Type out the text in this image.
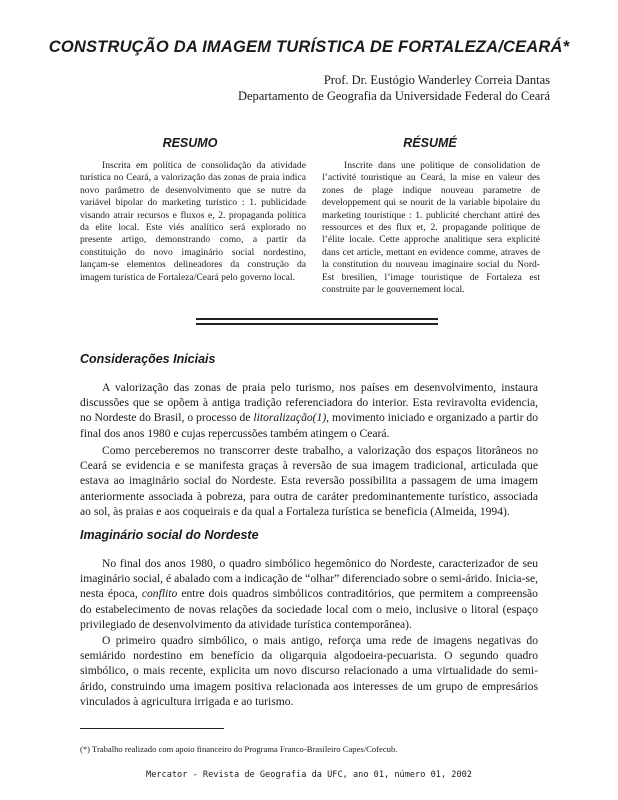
CONSTRUÇÃO DA IMAGEM TURÍSTICA DE FORTALEZA/CEARÁ*
Prof. Dr. Eustógio Wanderley Correia Dantas
Departamento de Geografia da Universidade Federal do Ceará
RESUMO	RÉSUMÉ

Inscrita em política de consolidação da atividade turística no Ceará, a valorização das zonas de praia indica novo parâmetro de desenvolvimento que se nutre da variável bipolar do marketing turístico : 1. publicidade visando atrair recursos e fluxos e, 2. propaganda política da elite local. Este viés analítico será explorado no presente artigo, demonstrando como, a partir da constituição do novo imaginário social nordestino, lançam-se elementos delineadores da construção da imagem turística de Fortaleza/Ceará pelo governo local.

Inscrite dans une politique de consolidation de l’activité touristique au Ceará, la mise en valeur des zones de plage indique nouveau parametre de developpement qui se nourit de la variable bipolaire du marketing touristique : 1. publicité cherchant attiré des ressources et des flux et, 2. propagande politique de l’élite locale. Cette approche analitique sera explicité dans cet article, mettant en evidence comme, atraves de la constitution du nouveau imaginaire social du Nord-Est bresilien, l’image touristique de Fortaleza est construite par le gouvernement local.

Considerações Iniciais

A valorização das zonas de praia pelo turismo, nos países em desenvolvimento, instaura discussões que se opõem à antiga tradição referenciadora do interior. Esta reviravolta evidencia, no Nordeste do Brasil, o processo de litoralização(1), movimento iniciado e organizado a partir do final dos anos 1980 e cujas repercussões também atingem o Ceará.

Como perceberemos no transcorrer deste trabalho, a valorização dos espaços litorâneos no Ceará se evidencia e se manifesta graças à reversão de sua imagem tradicional, articulada que estava ao imaginário social do Nordeste. Esta reversão possibilita a passagem de uma imagem anteriormente associada à pobreza, para outra de caráter predominantemente turístico, associada ao sol, às praias e aos coqueirais e da qual a Fortaleza turística se beneficia (Almeida, 1994).

Imaginário social do Nordeste

No final dos anos 1980, o quadro simbólico hegemônico do Nordeste, caracterizador de seu imaginário social, é abalado com a indicação de “olhar” diferenciado sobre o semi-árido. Inicia-se, nesta época, conflito entre dois quadros simbólicos contraditórios, que permitem a compreensão do estabelecimento de novas relações da sociedade local com o meio, inclusive o litoral (espaço privilegiado de desenvolvimento da atividade turística contemporânea).

O primeiro quadro simbólico, o mais antigo, reforça uma rede de imagens negativas do semiárido nordestino em benefício da oligarquia algodoeira-pecuarista. O segundo quadro simbólico, o mais recente, explicita um novo discurso relacionado a uma virtualidade do semi-árido, construindo uma imagem positiva relacionada aos interesses de um grupo de empresários vinculados à agricultura irrigada e ao turismo.

(*) Trabalho realizado com apoio financeiro do Programa Franco-Brasileiro Capes/Cofecub.

Mercator - Revista de Geografia da UFC, ano 01, número 01, 2002
